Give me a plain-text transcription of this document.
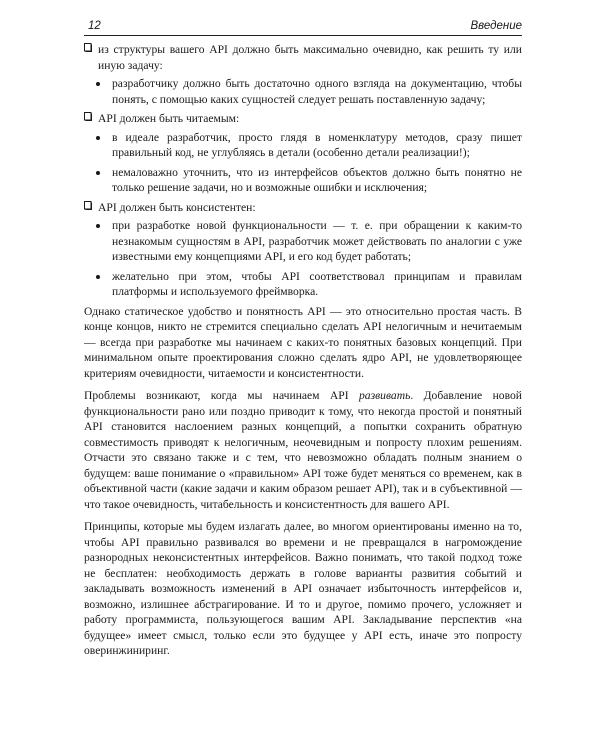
12	Введение
из структуры вашего API должно быть максимально очевидно, как решить ту или иную задачу:
разработчику должно быть достаточно одного взгляда на документацию, чтобы понять, с помощью каких сущностей следует решать поставленную задачу;
API должен быть читаемым:
в идеале разработчик, просто глядя в номенклатуру методов, сразу пишет правильный код, не углубляясь в детали (особенно детали реализации!);
немаловажно уточнить, что из интерфейсов объектов должно быть понятно не только решение задачи, но и возможные ошибки и исключения;
API должен быть консистентен:
при разработке новой функциональности — т. е. при обращении к каким-то незнакомым сущностям в API, разработчик может действовать по аналогии с уже известными ему концепциями API, и его код будет работать;
желательно при этом, чтобы API соответствовал принципам и правилам платформы и используемого фреймворка.

Однако статическое удобство и понятность API — это относительно простая часть. В конце концов, никто не стремится специально сделать API нелогичным и нечитаемым — всегда при разработке мы начинаем с каких-то понятных базовых концепций. При минимальном опыте проектирования сложно сделать ядро API, не удовлетворяющее критериям очевидности, читаемости и консистентности.

Проблемы возникают, когда мы начинаем API развивать. Добавление новой функциональности рано или поздно приводит к тому, что некогда простой и понятный API становится наслоением разных концепций, а попытки сохранить обратную совместимость приводят к нелогичным, неочевидным и попросту плохим решениям. Отчасти это связано также и с тем, что невозможно обладать полным знанием о будущем: ваше понимание о «правильном» API тоже будет меняться со временем, как в объективной части (какие задачи и каким образом решает API), так и в субъективной — что такое очевидность, читабельность и консистентность для вашего API.

Принципы, которые мы будем излагать далее, во многом ориентированы именно на то, чтобы API правильно развивался во времени и не превращался в нагромождение разнородных неконсистентных интерфейсов. Важно понимать, что такой подход тоже не бесплатен: необходимость держать в голове варианты развития событий и закладывать возможность изменений в API означает избыточность интерфейсов и, возможно, излишнее абстрагирование. И то и другое, помимо прочего, усложняет и работу программиста, пользующегося вашим API. Закладывание перспектив «на будущее» имеет смысл, только если это будущее у API есть, иначе это попросту оверинжиниринг.
